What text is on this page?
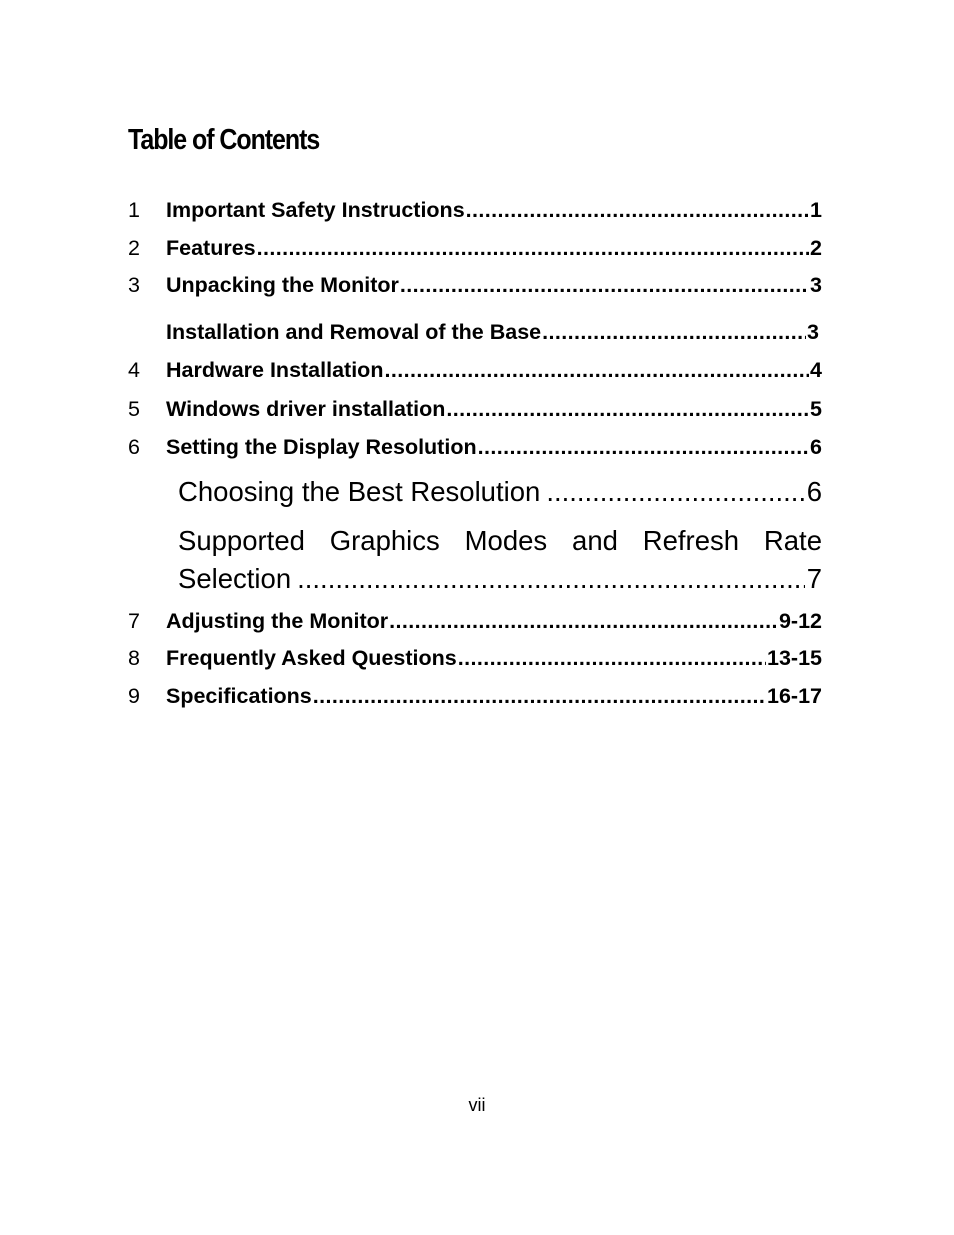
Table of Contents
1 Important Safety Instructions .....	1
2 Features .....	2
3 Unpacking the Monitor .....	3
Installation and Removal of the Base .....	3
4 Hardware Installation .....	4
5 Windows driver installation .....	5
6 Setting the Display Resolution .....	6
Choosing the Best Resolution .....	6
Supported Graphics Modes and Refresh Rate
Selection .....	7
7 Adjusting the Monitor .....	9-12
8 Frequently Asked Questions .....	13-15
9 Specifications .....	16-17
vii
